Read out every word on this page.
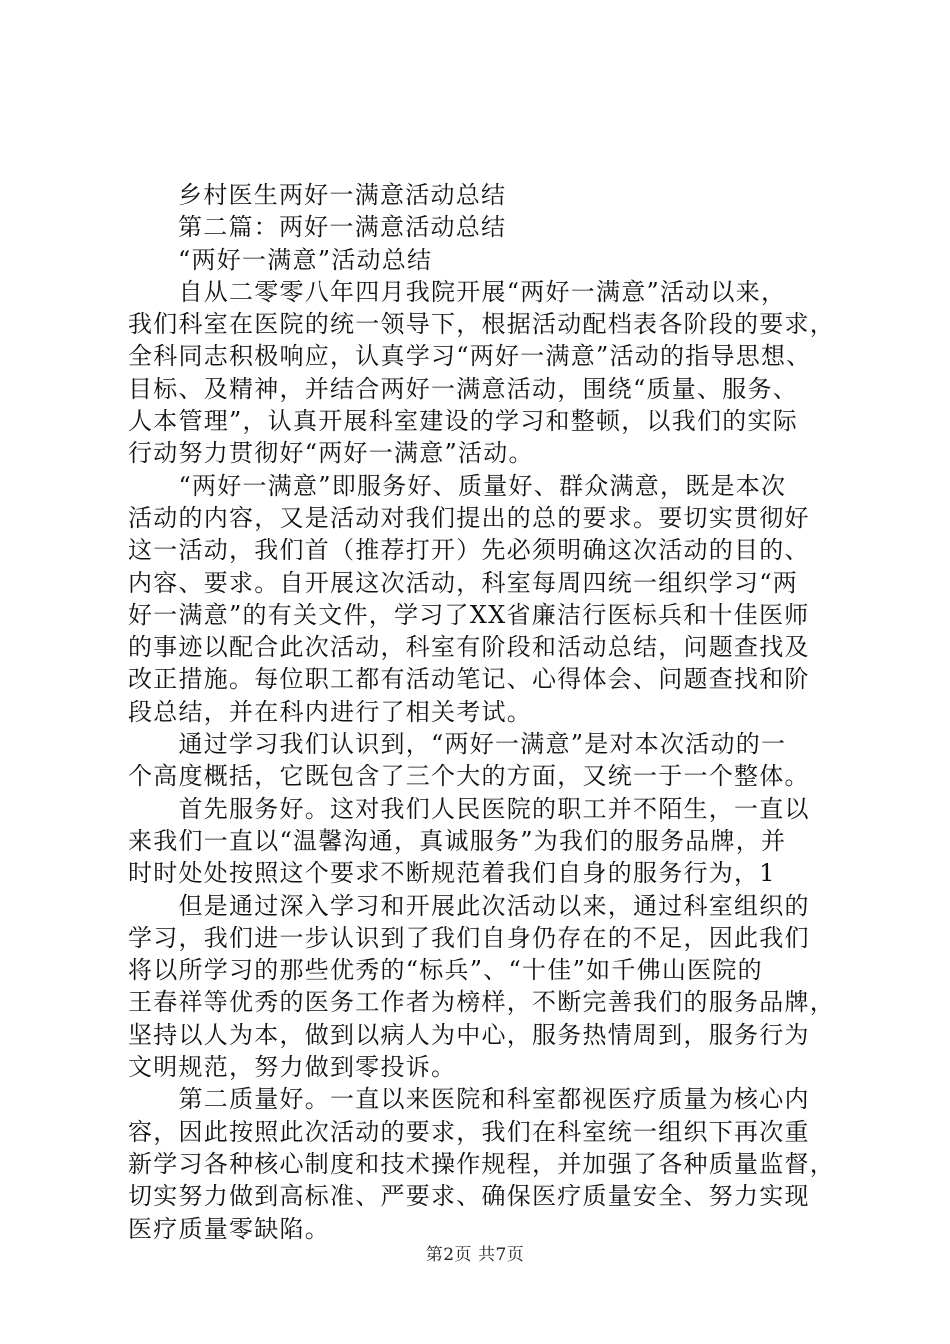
乡村医生两好一满意活动总结
第二篇：两好一满意活动总结
“两好一满意”活动总结
　　自从二零零八年四月我院开展“两好一满意”活动以来，
我们科室在医院的统一领导下，根据活动配档表各阶段的要求，
全科同志积极响应，认真学习“两好一满意”活动的指导思想、
目标、及精神，并结合两好一满意活动，围绕“质量、服务、
人本管理”，认真开展科室建设的学习和整顿，以我们的实际
行动努力贯彻好“两好一满意”活动。
　　“两好一满意”即服务好、质量好、群众满意，既是本次
活动的内容，又是活动对我们提出的总的要求。要切实贯彻好
这一活动，我们首（推荐打开）先必须明确这次活动的目的、
内容、要求。自开展这次活动，科室每周四统一组织学习“两
好一满意”的有关文件，学习了XX省廉洁行医标兵和十佳医师
的事迹以配合此次活动，科室有阶段和活动总结，问题查找及
改正措施。每位职工都有活动笔记、心得体会、问题查找和阶
段总结，并在科内进行了相关考试。
　　通过学习我们认识到，“两好一满意”是对本次活动的一
个高度概括，它既包含了三个大的方面，又统一于一个整体。
　　首先服务好。这对我们人民医院的职工并不陌生，一直以
来我们一直以“温馨沟通，真诚服务”为我们的服务品牌，并
时时处处按照这个要求不断规范着我们自身的服务行为，1
　　但是通过深入学习和开展此次活动以来，通过科室组织的
学习，我们进一步认识到了我们自身仍存在的不足，因此我们
将以所学习的那些优秀的“标兵”、“十佳”如千佛山医院的
王春祥等优秀的医务工作者为榜样，不断完善我们的服务品牌，
坚持以人为本，做到以病人为中心，服务热情周到，服务行为
文明规范，努力做到零投诉。
　　第二质量好。一直以来医院和科室都视医疗质量为核心内
容，因此按照此次活动的要求，我们在科室统一组织下再次重
新学习各种核心制度和技术操作规程，并加强了各种质量监督，
切实努力做到高标准、严要求、确保医疗质量安全、努力实现
医疗质量零缺陷。
第2页 共7页
